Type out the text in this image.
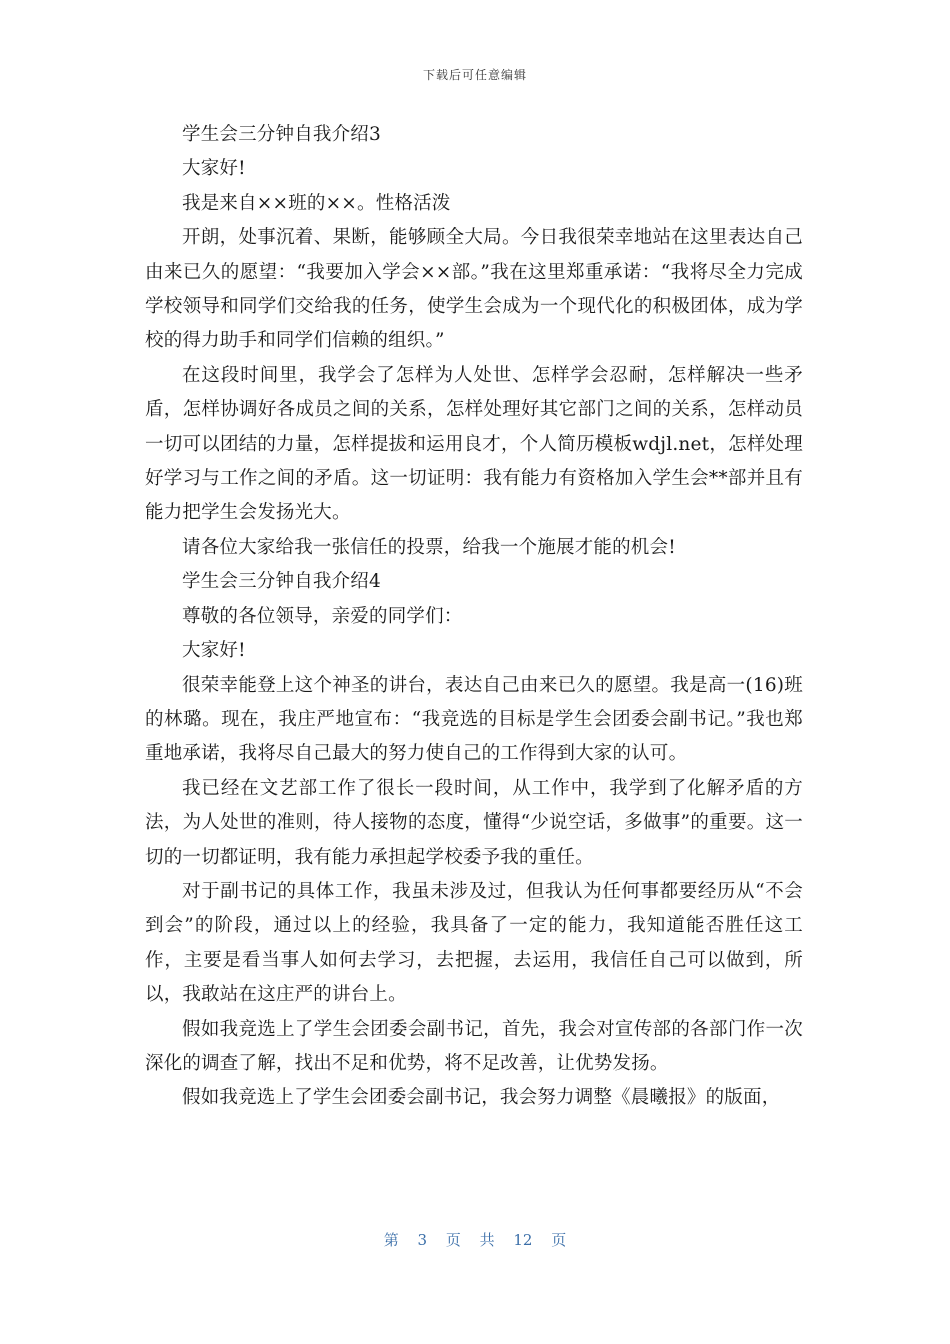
下载后可任意编辑

学生会三分钟自我介绍3

大家好!

我是来自××班的××。性格活泼

开朗，处事沉着、果断，能够顾全大局。今日我很荣幸地站在这里表达自己由来已久的愿望：“我要加入学会××部。”我在这里郑重承诺：“我将尽全力完成学校领导和同学们交给我的任务，使学生会成为一个现代化的积极团体，成为学校的得力助手和同学们信赖的组织。”

在这段时间里，我学会了怎样为人处世、怎样学会忍耐，怎样解决一些矛盾，怎样协调好各成员之间的关系，怎样处理好其它部门之间的关系，怎样动员一切可以团结的力量，怎样提拔和运用良才，个人简历模板wdjl.net，怎样处理好学习与工作之间的矛盾。这一切证明：我有能力有资格加入学生会**部并且有能力把学生会发扬光大。

请各位大家给我一张信任的投票，给我一个施展才能的机会!

学生会三分钟自我介绍4

尊敬的各位领导，亲爱的同学们：

大家好!

很荣幸能登上这个神圣的讲台，表达自己由来已久的愿望。我是高一(16)班的林璐。现在，我庄严地宣布：“我竞选的目标是学生会团委会副书记。”我也郑重地承诺，我将尽自己最大的努力使自己的工作得到大家的认可。

我已经在文艺部工作了很长一段时间，从工作中，我学到了化解矛盾的方法，为人处世的准则，待人接物的态度，懂得“少说空话，多做事”的重要。这一切的一切都证明，我有能力承担起学校委予我的重任。

对于副书记的具体工作，我虽未涉及过，但我认为任何事都要经历从“不会到会”的阶段，通过以上的经验，我具备了一定的能力，我知道能否胜任这工作，主要是看当事人如何去学习，去把握，去运用，我信任自己可以做到，所以，我敢站在这庄严的讲台上。

假如我竞选上了学生会团委会副书记，首先，我会对宣传部的各部门作一次深化的调查了解，找出不足和优势，将不足改善，让优势发扬。

假如我竞选上了学生会团委会副书记，我会努力调整《晨曦报》的版面，

第 3 页 共 12 页
